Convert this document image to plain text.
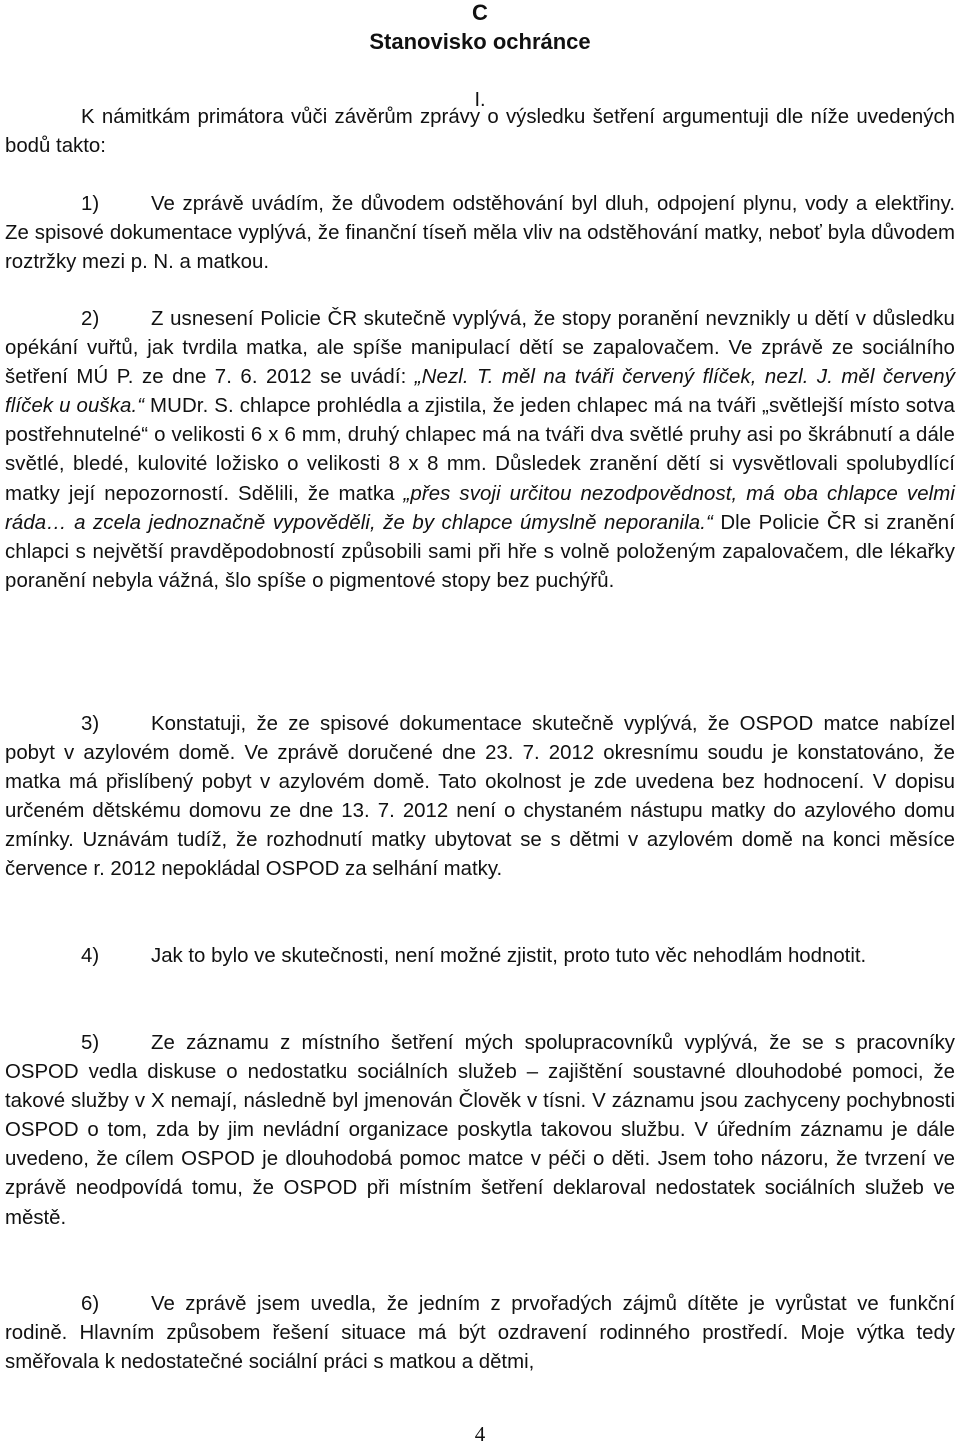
C
Stanovisko ochránce
I.

K námitkám primátora vůči závěrům zprávy o výsledku šetření argumentuji dle níže uvedených bodů takto:

1)	Ve zprávě uvádím, že důvodem odstěhování byl dluh, odpojení plynu, vody a elektřiny. Ze spisové dokumentace vyplývá, že finanční tíseň měla vliv na odstěhování matky, neboť byla důvodem roztržky mezi p. N. a matkou.

2)	Z usnesení Policie ČR skutečně vyplývá, že stopy poranění nevznikly u dětí v důsledku opékání vuřtů, jak tvrdila matka, ale spíše manipulací dětí se zapalovačem. Ve zprávě ze sociálního šetření MÚ P. ze dne 7. 6. 2012 se uvádí: „Nezl. T. měl na tváři červený flíček, nezl. J. měl červený flíček u ouška.“ MUDr. S. chlapce prohlédla a zjistila, že jeden chlapec má na tváři „světlejší místo sotva postřehnutelné“ o velikosti 6 x 6 mm, druhý chlapec má na tváři dva světlé pruhy asi po škrábnutí a dále světlé, bledé, kulovité ložisko o velikosti 8 x 8 mm. Důsledek zranění dětí si vysvětlovali spolubydlící matky její nepozorností. Sdělili, že matka „přes svoji určitou nezodpovědnost, má oba chlapce velmi ráda… a zcela jednoznačně vypověděli, že by chlapce úmyslně neporanila.“ Dle Policie ČR si zranění chlapci s největší pravděpodobností způsobili sami při hře s volně položeným zapalovačem, dle lékařky poranění nebyla vážná, šlo spíše o pigmentové stopy bez puchýřů.

3)	Konstatuji, že ze spisové dokumentace skutečně vyplývá, že OSPOD matce nabízel pobyt v azylovém domě. Ve zprávě doručené dne 23. 7. 2012 okresnímu soudu je konstatováno, že matka má přislíbený pobyt v azylovém domě. Tato okolnost je zde uvedena bez hodnocení. V dopisu určeném dětskému domovu ze dne 13. 7. 2012 není o chystaném nástupu matky do azylového domu zmínky. Uznávám tudíž, že rozhodnutí matky ubytovat se s dětmi v azylovém domě na konci měsíce července r. 2012 nepokládal OSPOD za selhání matky.

4)	Jak to bylo ve skutečnosti, není možné zjistit, proto tuto věc nehodlám hodnotit.

5)	Ze záznamu z místního šetření mých spolupracovníků vyplývá, že se s pracovníky OSPOD vedla diskuse o nedostatku sociálních služeb – zajištění soustavné dlouhodobé pomoci, že takové služby v X nemají, následně byl jmenován Člověk v tísni. V záznamu jsou zachyceny pochybnosti OSPOD o tom, zda by jim nevládní organizace poskytla takovou službu. V úředním záznamu je dále uvedeno, že cílem OSPOD je dlouhodobá pomoc matce v péči o děti. Jsem toho názoru, že tvrzení ve zprávě neodpovídá tomu, že OSPOD při místním šetření deklaroval nedostatek sociálních služeb ve městě.

6)	Ve zprávě jsem uvedla, že jedním z prvořadých zájmů dítěte je vyrůstat ve funkční rodině. Hlavním způsobem řešení situace má být ozdravení rodinného prostředí. Moje výtka tedy směřovala k nedostatečné sociální práci s matkou a dětmi,

4
